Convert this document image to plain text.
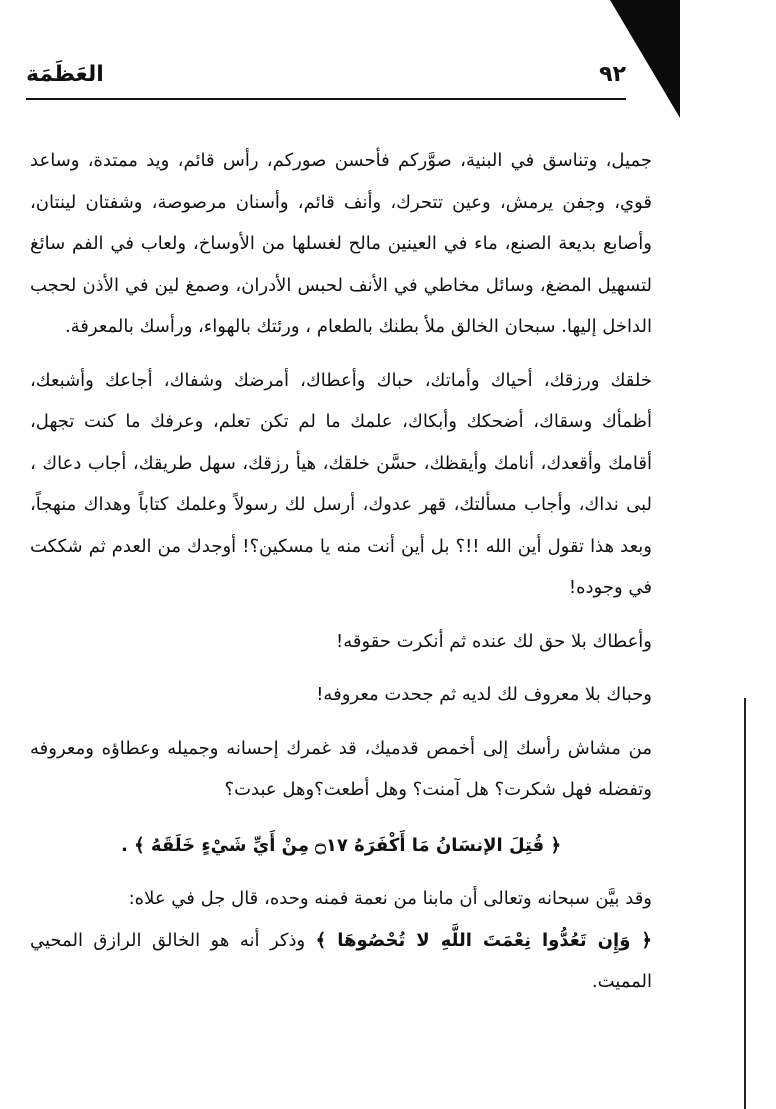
٩٢
العَظَمَة

جميل، وتناسق في البنية، صوَّركم فأحسن صوركم، رأس قائم، ويد ممتدة، وساعد قوي، وجفن يرمش، وعين تتحرك، وأنف قائم، وأسنان مرصوصة، وشفتان لينتان، وأصابع بديعة الصنع، ماء في العينين مالح لغسلها من الأوساخ، ولعاب في الفم سائغ لتسهيل المضغ، وسائل مخاطي في الأنف لحبس الأدران، وصمغ لين في الأذن لحجب الداخل إليها. سبحان الخالق ملأ بطنك بالطعام ، ورئتك بالهواء، ورأسك بالمعرفة.

خلقك ورزقك، أحياك وأماتك، حباك وأعطاك، أمرضك وشفاك، أجاعك وأشبعك، أظمأك وسقاك، أضحكك وأبكاك، علمك ما لم تكن تعلم، وعرفك ما كنت تجهل، أقامك وأقعدك، أنامك وأيقظك، حسَّن خلقك، هيأ رزقك، سهل طريقك، أجاب دعاك ، لبى نداك، وأجاب مسألتك، قهر عدوك، أرسل لك رسولاً وعلمك كتاباً وهداك منهجاً، وبعد هذا تقول أين الله !!؟ بل أين أنت منه يا مسكين؟! أوجدك من العدم ثم شككت في وجوده!

وأعطاك بلا حق لك عنده ثم أنكرت حقوقه!

وحباك بلا معروف لك لديه ثم جحدت معروفه!

من مشاش رأسك إلى أخمص قدميك، قد غمرك إحسانه وجميله وعطاؤه ومعروفه وتفضله فهل شكرت؟ هل آمنت؟ وهل أطعت؟وهل عبدت؟

﴿ قُتِلَ الإنسَانُ مَا أَكْفَرَهُ ۝١٧ مِنْ أَيِّ شَيْءٍ خَلَقَهُ ﴾ .

وقد بيَّن سبحانه وتعالى أن مابنا من نعمة فمنه وحده، قال جل في علاه:
﴿ وَإِن تَعُدُّوا نِعْمَتَ اللَّهِ لا تُحْصُوهَا ﴾ وذكر أنه هو الخالق الرازق المحيي المميت.
